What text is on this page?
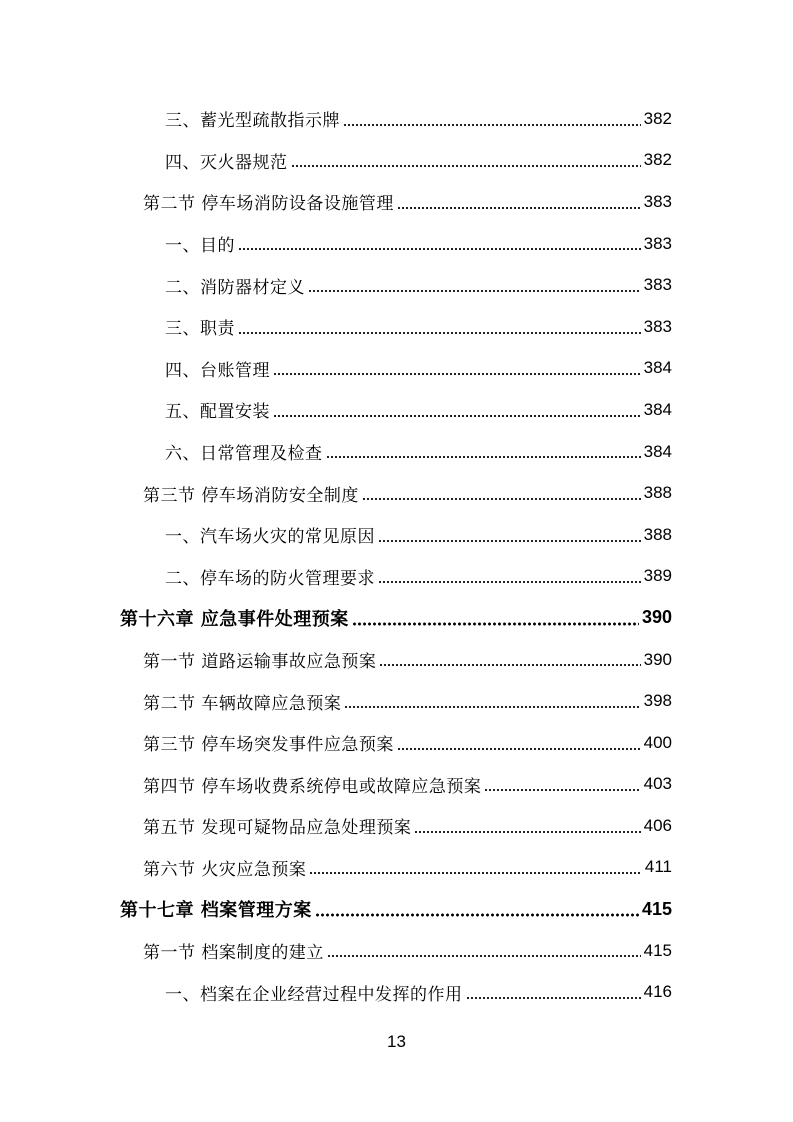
三、蓄光型疏散指示牌	382
四、灭火器规范	382
第二节 停车场消防设备设施管理	383
一、目的	383
二、消防器材定义	383
三、职责	383
四、台账管理	384
五、配置安装	384
六、日常管理及检查	384
第三节 停车场消防安全制度	388
一、汽车场火灾的常见原因	388
二、停车场的防火管理要求	389
第十六章 应急事件处理预案	390
第一节 道路运输事故应急预案	390
第二节 车辆故障应急预案	398
第三节 停车场突发事件应急预案	400
第四节 停车场收费系统停电或故障应急预案	403
第五节 发现可疑物品应急处理预案	406
第六节 火灾应急预案	411
第十七章 档案管理方案	415
第一节 档案制度的建立	415
一、档案在企业经营过程中发挥的作用	416
13
